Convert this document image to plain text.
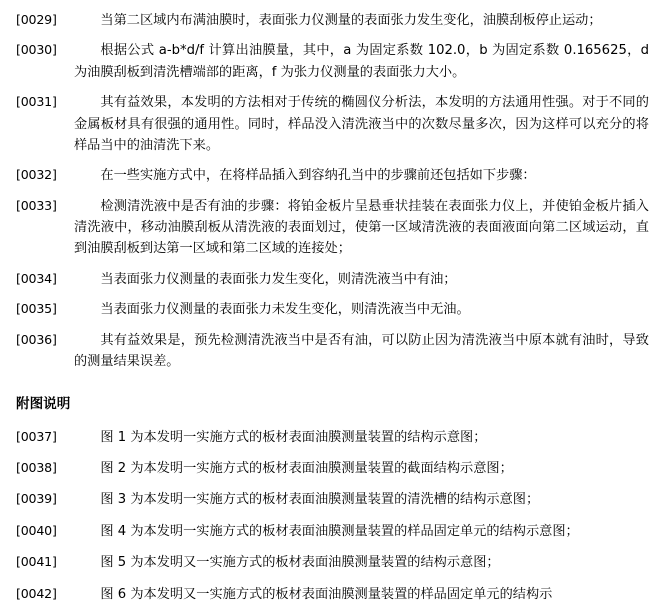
[0029]	当第二区域内布满油膜时，表面张力仪测量的表面张力发生变化，油膜刮板停止运动；
[0030]	根据公式 a-b*d/f 计算出油膜量，其中，a 为固定系数 102.0，b 为固定系数 0.165625，d 为油膜刮板到清洗槽端部的距离，f 为张力仪测量的表面张力大小。
[0031]	其有益效果，本发明的方法相对于传统的椭圆仪分析法，本发明的方法通用性强。对于不同的金属板材具有很强的通用性。同时，样品没入清洗液当中的次数尽量多次，因为这样可以充分的将样品当中的油清洗下来。
[0032]	在一些实施方式中，在将样品插入到容纳孔当中的步骤前还包括如下步骤：
[0033]	检测清洗液中是否有油的步骤：将铂金板片呈悬垂状挂装在表面张力仪上，并使铂金板片插入清洗液中，移动油膜刮板从清洗液的表面划过，使第一区域清洗液的表面液面向第二区域运动，直到油膜刮板到达第一区域和第二区域的连接处；
[0034]	当表面张力仪测量的表面张力发生变化，则清洗液当中有油；
[0035]	当表面张力仪测量的表面张力未发生变化，则清洗液当中无油。
[0036]	其有益效果是，预先检测清洗液当中是否有油，可以防止因为清洗液当中原本就有油时，导致的测量结果误差。
附图说明
[0037]	图 1 为本发明一实施方式的板材表面油膜测量装置的结构示意图；
[0038]	图 2 为本发明一实施方式的板材表面油膜测量装置的截面结构示意图；
[0039]	图 3 为本发明一实施方式的板材表面油膜测量装置的清洗槽的结构示意图；
[0040]	图 4 为本发明一实施方式的板材表面油膜测量装置的样品固定单元的结构示意图；
[0041]	图 5 为本发明又一实施方式的板材表面油膜测量装置的结构示意图；
[0042]	图 6 为本发明又一实施方式的板材表面油膜测量装置的样品固定单元的结构示
